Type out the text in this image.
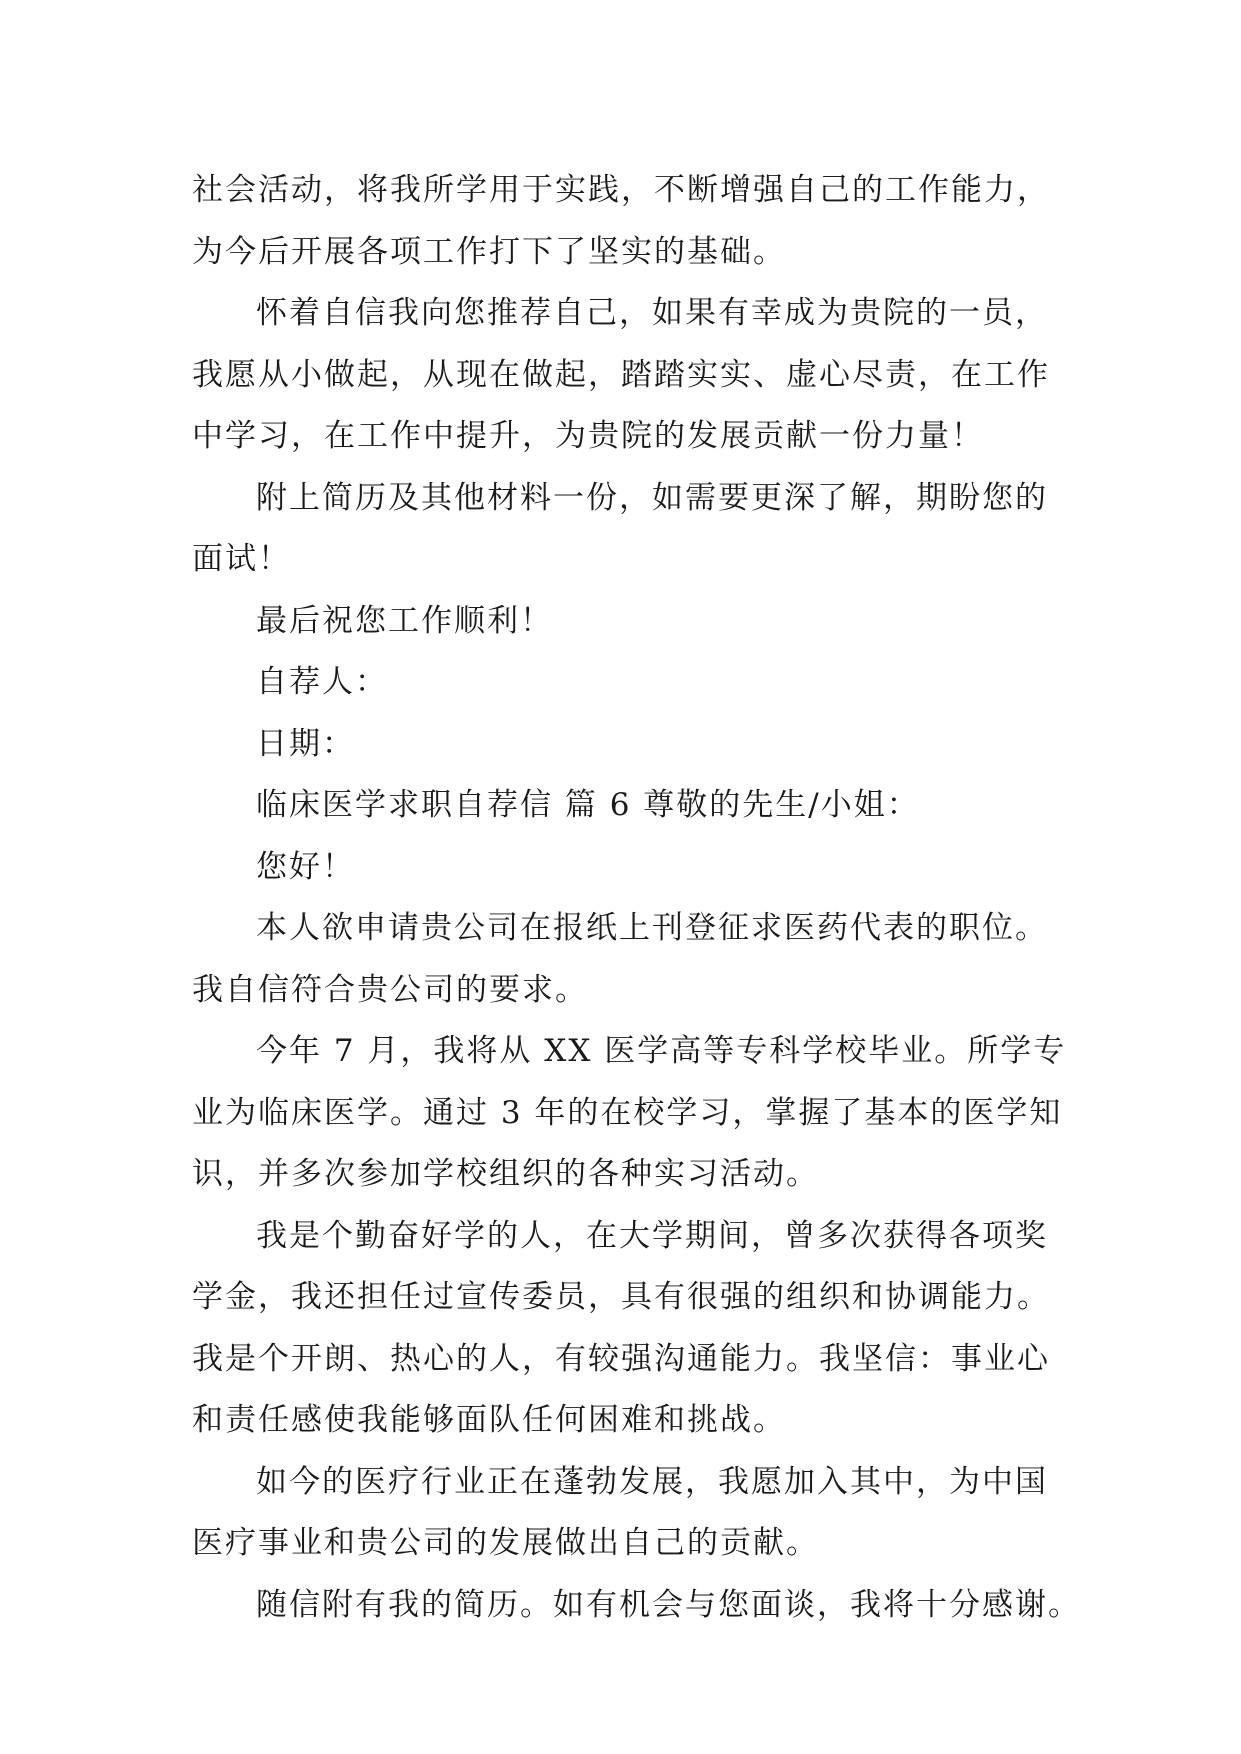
社会活动，将我所学用于实践，不断增强自己的工作能力，
为今后开展各项工作打下了坚实的基础。
怀着自信我向您推荐自己，如果有幸成为贵院的一员，
我愿从小做起，从现在做起，踏踏实实、虚心尽责，在工作
中学习，在工作中提升，为贵院的发展贡献一份力量！
附上简历及其他材料一份，如需要更深了解，期盼您的
面试！
最后祝您工作顺利！
自荐人：
日期：
临床医学求职自荐信 篇 6 尊敬的先生/小姐：
您好！
本人欲申请贵公司在报纸上刊登征求医药代表的职位。
我自信符合贵公司的要求。
今年 7 月，我将从 XX 医学高等专科学校毕业。所学专
业为临床医学。通过 3 年的在校学习，掌握了基本的医学知
识，并多次参加学校组织的各种实习活动。
我是个勤奋好学的人，在大学期间，曾多次获得各项奖
学金，我还担任过宣传委员，具有很强的组织和协调能力。
我是个开朗、热心的人，有较强沟通能力。我坚信：事业心
和责任感使我能够面队任何困难和挑战。
如今的医疗行业正在蓬勃发展，我愿加入其中，为中国
医疗事业和贵公司的发展做出自己的贡献。
随信附有我的简历。如有机会与您面谈，我将十分感谢。
